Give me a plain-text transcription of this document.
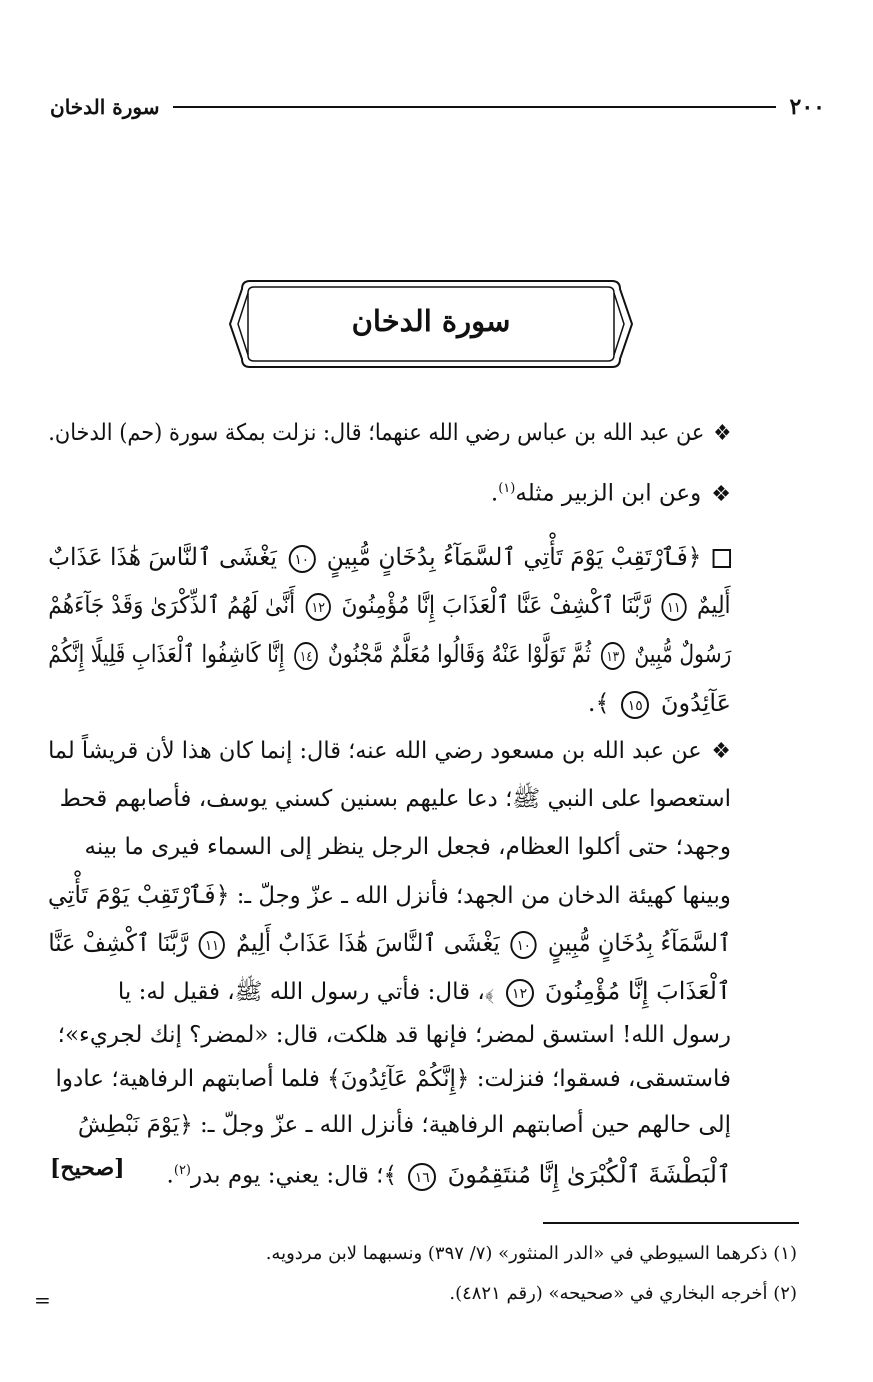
٢٠٠
سورة الدخان
سورة الدخان
❖عن عبد الله بن عباس رضي الله عنهما؛ قال: نزلت بمكة سورة (حم) الدخان.
❖وعن ابن الزبير مثله$^{(١)}$.
﴿فَٱرْتَقِبْ يَوْمَ تَأْتِي ٱلسَّمَآءُ بِدُخَانٍ مُّبِينٍ ١٠ يَغْشَى ٱلنَّاسَ هَٰذَا عَذَابٌ
أَلِيمٌ ١١ رَّبَّنَا ٱكْشِفْ عَنَّا ٱلْعَذَابَ إِنَّا مُؤْمِنُونَ ١٢ أَنَّىٰ لَهُمُ ٱلذِّكْرَىٰ وَقَدْ جَآءَهُمْ
رَسُولٌ مُّبِينٌ ١٣ ثُمَّ تَوَلَّوْا عَنْهُ وَقَالُوا مُعَلَّمٌ مَّجْنُونٌ ١٤ إِنَّا كَاشِفُوا ٱلْعَذَابِ قَلِيلًا إِنَّكُمْ
عَآئِدُونَ ١٥ ﴾.
❖عن عبد الله بن مسعود رضي الله عنه؛ قال: إنما كان هذا لأن قريشاً لما
استعصوا على النبي ﷺ؛ دعا عليهم بسنين كسني يوسف، فأصابهم قحط
وجهد؛ حتى أكلوا العظام، فجعل الرجل ينظر إلى السماء فيرى ما بينه
وبينها كهيئة الدخان من الجهد؛ فأنزل الله ـ عزّ وجلّ ـ: ﴿فَٱرْتَقِبْ يَوْمَ تَأْتِي
ٱلسَّمَآءُ بِدُخَانٍ مُّبِينٍ ١٠ يَغْشَى ٱلنَّاسَ هَٰذَا عَذَابٌ أَلِيمٌ ١١ رَّبَّنَا ٱكْشِفْ عَنَّا
ٱلْعَذَابَ إِنَّا مُؤْمِنُونَ ١٢ ﴾، قال: فأتي رسول الله ﷺ، فقيل له: يا
رسول الله! استسق لمضر؛ فإنها قد هلكت، قال: «لمضر؟ إنك لجريء»؛
فاستسقى، فسقوا؛ فنزلت: ﴿إِنَّكُمْ عَآئِدُونَ﴾ فلما أصابتهم الرفاهية؛ عادوا
إلى حالهم حين أصابتهم الرفاهية؛ فأنزل الله ـ عزّ وجلّ ـ: ﴿يَوْمَ نَبْطِشُ
ٱلْبَطْشَةَ ٱلْكُبْرَىٰ إِنَّا مُنتَقِمُونَ ١٦ ﴾؛ قال: يعني: يوم بدر$^{(٢)}$.
[صحيح]
(١) ذكرهما السيوطي في «الدر المنثور» (٧/ ٣٩٧) ونسبهما لابن مردويه.
(٢) أخرجه البخاري في «صحيحه» (رقم ٤٨٢١).
=
